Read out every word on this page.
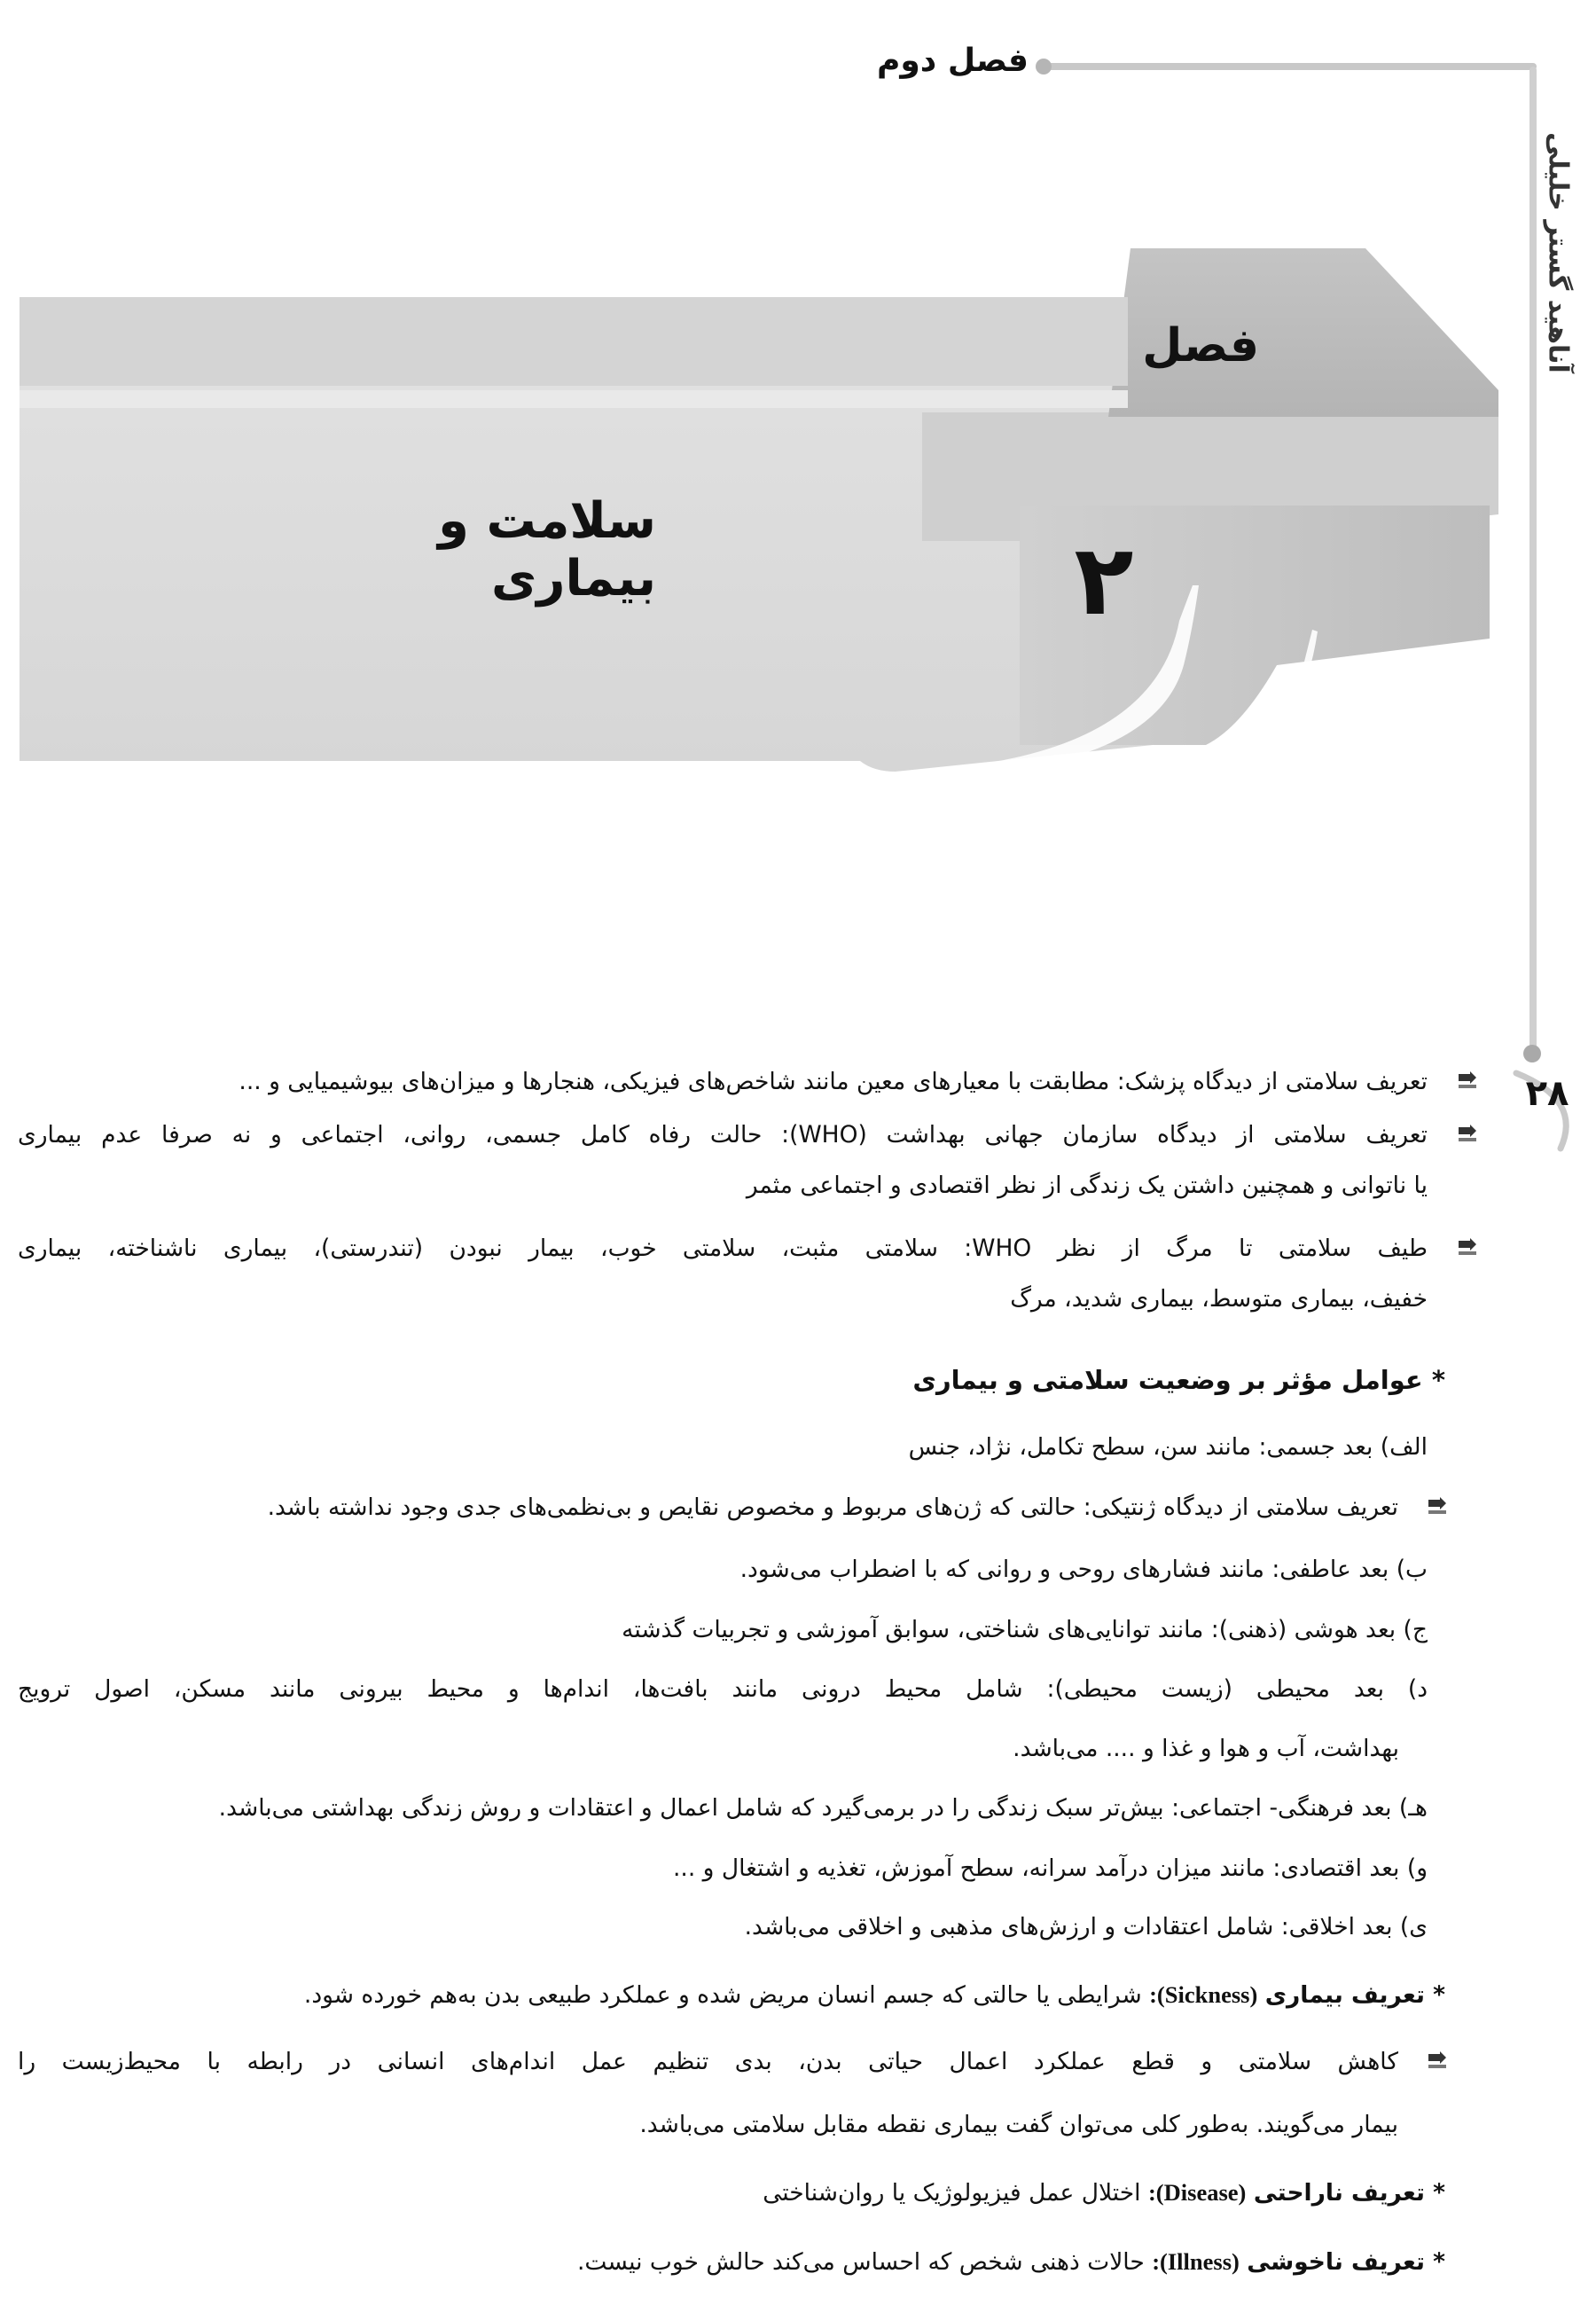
فصل دوم
آناهید گستر خلیلی
۲۸
فصل
۲
سلامت و بیماری
تعریف سلامتی از دیدگاه پزشک: مطابقت با معیارهای معین مانند شاخص‌های فیزیکی، هنجارها و میزان‌های بیوشیمیایی و ...
تعریف سلامتی از دیدگاه سازمان جهانی بهداشت (WHO): حالت رفاه کامل جسمی، روانی، اجتماعی و نه صرفا عدم بیماری
یا ناتوانی و همچنین داشتن یک زندگی از نظر اقتصادی و اجتماعی مثمر
طیف سلامتی تا مرگ از نظر WHO: سلامتی مثبت، سلامتی خوب، بیمار نبودن (تندرستی)، بیماری ناشناخته، بیماری
خفیف، بیماری متوسط، بیماری شدید، مرگ
* عوامل مؤثر بر وضعیت سلامتی و بیماری
الف) بعد جسمی: مانند سن، سطح تکامل، نژاد، جنس
تعریف سلامتی از دیدگاه ژنتیکی: حالتی که ژن‌های مربوط و مخصوص نقایص و بی‌نظمی‌های جدی وجود نداشته باشد.
ب) بعد عاطفی: مانند فشارهای روحی و روانی که با اضطراب می‌شود.
ج) بعد هوشی (ذهنی): مانند توانایی‌های شناختی، سوابق آموزشی و تجربیات گذشته
د) بعد محیطی (زیست محیطی): شامل محیط درونی مانند بافت‌ها، اندام‌ها و محیط بیرونی مانند مسکن، اصول ترویج
بهداشت، آب و هوا و غذا و .... می‌باشد.
هـ) بعد فرهنگی- اجتماعی: بیش‌تر سبک زندگی را در برمی‌گیرد که شامل اعمال و اعتقادات و روش زندگی بهداشتی می‌باشد.
و) بعد اقتصادی: مانند میزان درآمد سرانه، سطح آموزش، تغذیه و اشتغال و ...
ی) بعد اخلاقی: شامل اعتقادات و ارزش‌های مذهبی و اخلاقی می‌باشد.
* تعریف بیماری (Sickness): شرایطی یا حالتی که جسم انسان مریض شده و عملکرد طبیعی بدن به‌هم خورده شود.
کاهش سلامتی و قطع عملکرد اعمال حیاتی بدن، بدی تنظیم عمل اندام‌های انسانی در رابطه با محیط‌زیست را
بیمار می‌گویند. به‌طور کلی می‌توان گفت بیماری نقطه مقابل سلامتی می‌باشد.
* تعریف ناراحتی (Disease): اختلال عمل فیزیولوژیک یا روان‌شناختی
* تعریف ناخوشی (Illness): حالات ذهنی شخص که احساس می‌کند حالش خوب نیست.
